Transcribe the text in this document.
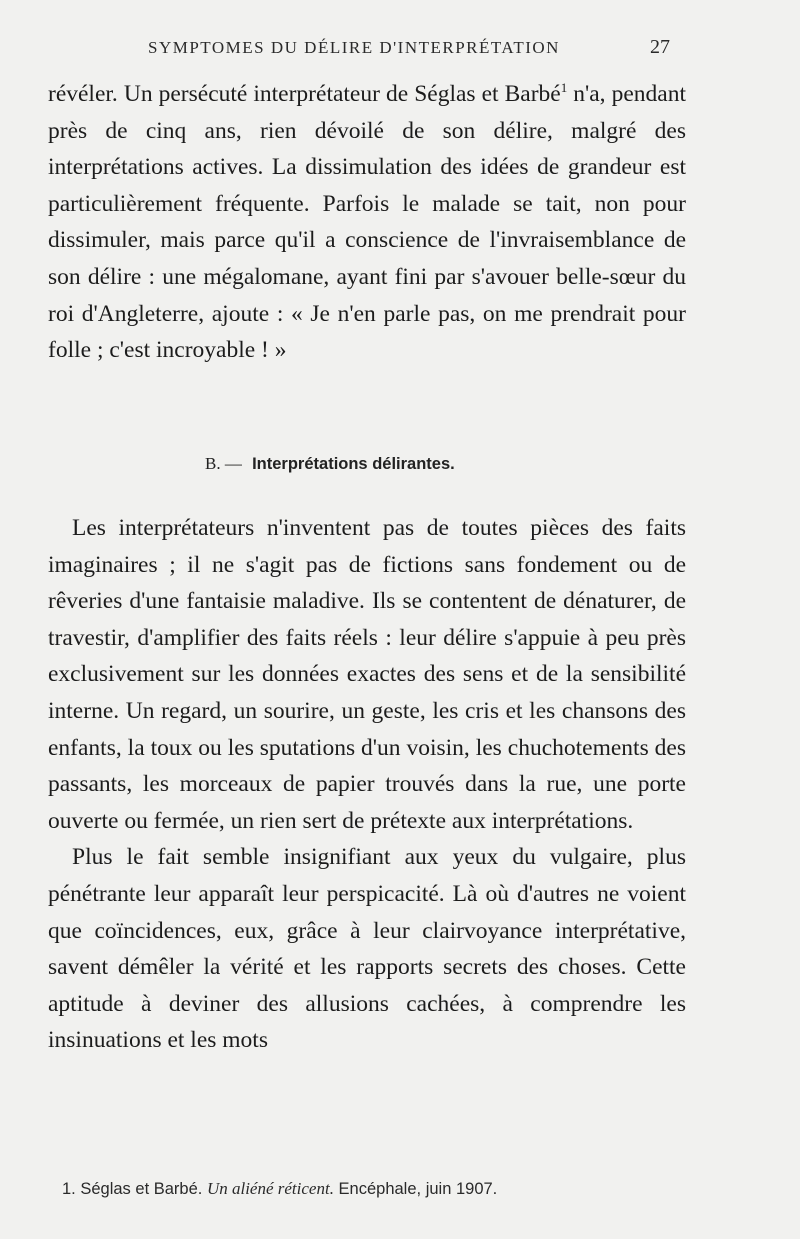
SYMPTOMES DU DÉLIRE D'INTERPRÉTATION	27

révéler. Un persécuté interprétateur de Séglas et Barbé$^1$ n'a, pendant près de cinq ans, rien dévoilé de son délire, malgré des interprétations actives. La dissimulation des idées de grandeur est particulièrement fréquente. Parfois le malade se tait, non pour dissimuler, mais parce qu'il a conscience de l'invraisemblance de son délire : une mégalomane, ayant fini par s'avouer belle-sœur du roi d'Angleterre, ajoute : « Je n'en parle pas, on me prendrait pour folle ; c'est incroyable ! »

B. — Interprétations délirantes.

Les interprétateurs n'inventent pas de toutes pièces des faits imaginaires ; il ne s'agit pas de fictions sans fondement ou de rêveries d'une fantaisie maladive. Ils se contentent de dénaturer, de travestir, d'amplifier des faits réels : leur délire s'appuie à peu près exclusivement sur les données exactes des sens et de la sensibilité interne. Un regard, un sourire, un geste, les cris et les chansons des enfants, la toux ou les sputations d'un voisin, les chuchotements des passants, les morceaux de papier trouvés dans la rue, une porte ouverte ou fermée, un rien sert de prétexte aux interprétations.

Plus le fait semble insignifiant aux yeux du vulgaire, plus pénétrante leur apparaît leur perspicacité. Là où d'autres ne voient que coïncidences, eux, grâce à leur clairvoyance interprétative, savent démêler la vérité et les rapports secrets des choses. Cette aptitude à deviner des allusions cachées, à comprendre les insinuations et les mots

1. Séglas et Barbé. Un aliéné réticent. Encéphale, juin 1907.
